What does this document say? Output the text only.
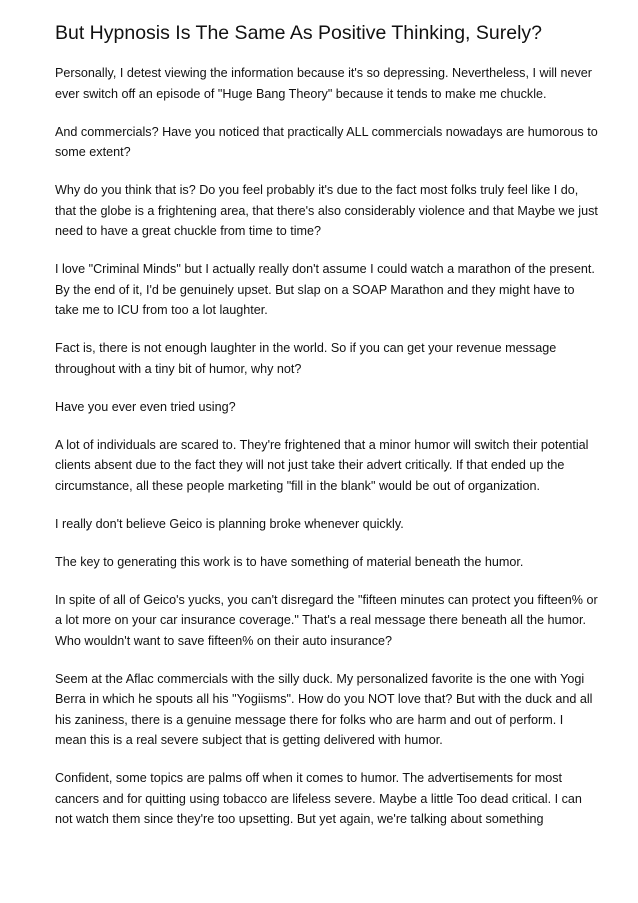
But Hypnosis Is The Same As Positive Thinking, Surely?

Personally, I detest viewing the information because it's so depressing. Nevertheless, I will never ever switch off an episode of "Huge Bang Theory" because it tends to make me chuckle.

And commercials? Have you noticed that practically ALL commercials nowadays are humorous to some extent?

Why do you think that is? Do you feel probably it's due to the fact most folks truly feel like I do, that the globe is a frightening area, that there's also considerably violence and that Maybe we just need to have a great chuckle from time to time?

I love "Criminal Minds" but I actually really don't assume I could watch a marathon of the present. By the end of it, I'd be genuinely upset. But slap on a SOAP Marathon and they might have to take me to ICU from too a lot laughter.

Fact is, there is not enough laughter in the world. So if you can get your revenue message throughout with a tiny bit of humor, why not?

Have you ever even tried using?

A lot of individuals are scared to. They're frightened that a minor humor will switch their potential clients absent due to the fact they will not just take their advert critically. If that ended up the circumstance, all these people marketing "fill in the blank" would be out of organization.

I really don't believe Geico is planning broke whenever quickly.

The key to generating this work is to have something of material beneath the humor.

In spite of all of Geico's yucks, you can't disregard the "fifteen minutes can protect you fifteen% or a lot more on your car insurance coverage." That's a real message there beneath all the humor. Who wouldn't want to save fifteen% on their auto insurance?

Seem at the Aflac commercials with the silly duck. My personalized favorite is the one with Yogi Berra in which he spouts all his "Yogiisms". How do you NOT love that? But with the duck and all his zaniness, there is a genuine message there for folks who are harm and out of perform. I mean this is a real severe subject that is getting delivered with humor.

Confident, some topics are palms off when it comes to humor. The advertisements for most cancers and for quitting using tobacco are lifeless severe. Maybe a little Too dead critical. I can not watch them since they're too upsetting. But yet again, we're talking about something
